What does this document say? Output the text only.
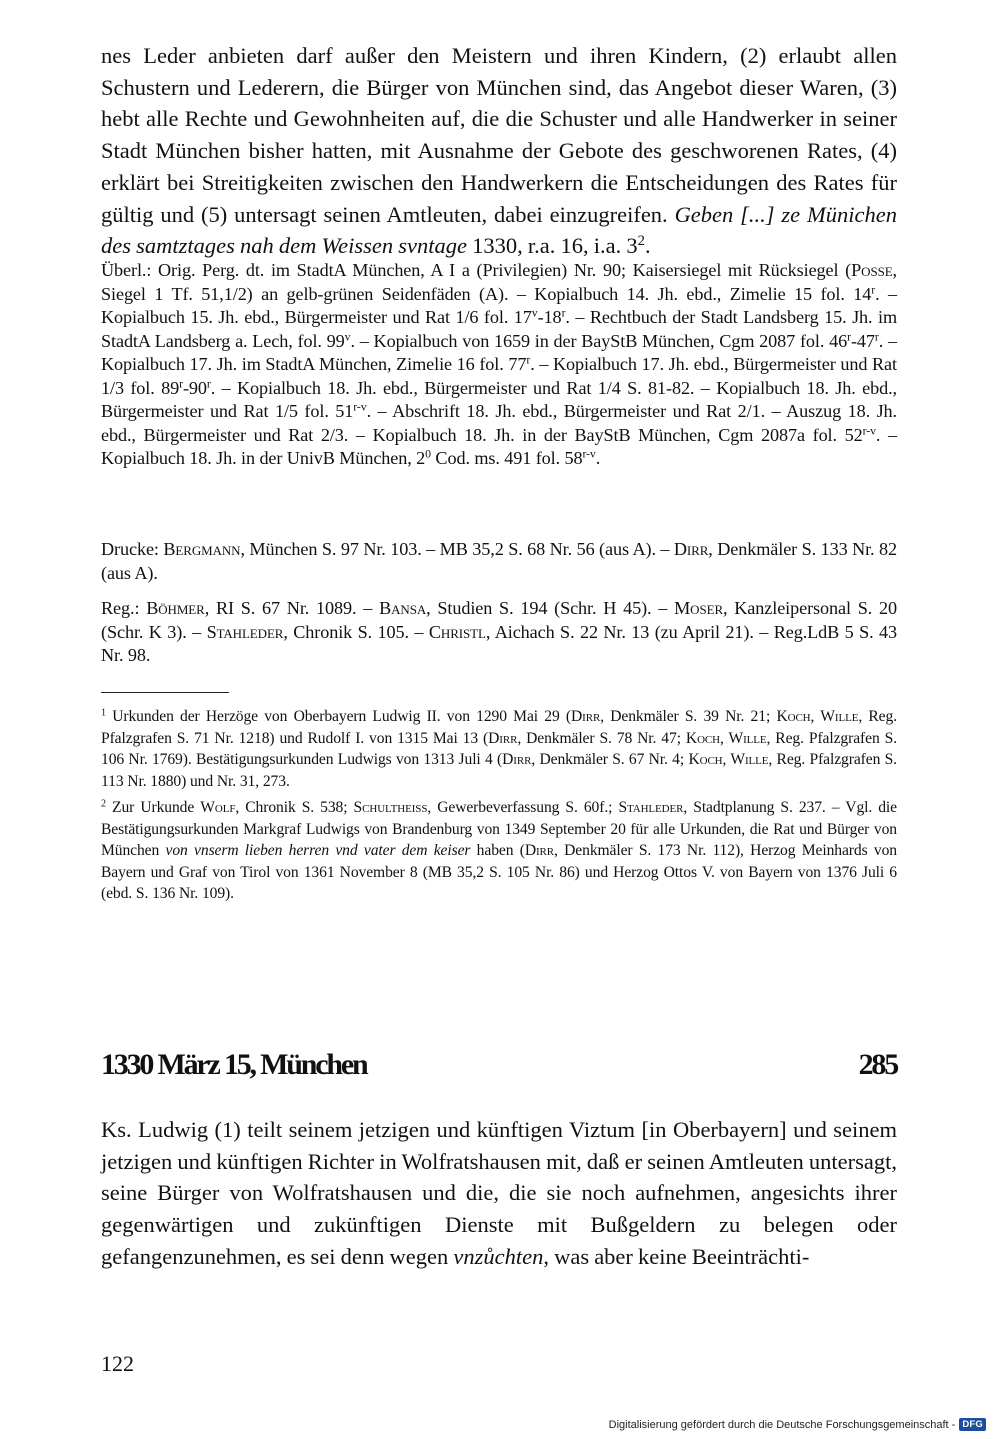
nes Leder anbieten darf außer den Meistern und ihren Kindern, (2) erlaubt allen Schustern und Lederern, die Bürger von München sind, das Angebot dieser Waren, (3) hebt alle Rechte und Gewohnheiten auf, die die Schuster und alle Handwerker in seiner Stadt München bisher hatten, mit Ausnahme der Gebote des geschworenen Rates, (4) erklärt bei Streitigkeiten zwischen den Handwerkern die Entscheidungen des Rates für gültig und (5) untersagt seinen Amtleuten, dabei einzugreifen. Geben [...] ze Münichen des samtztages nah dem Weissen svntage 1330, r.a. 16, i.a. $3^2$.

Überl.: Orig. Perg. dt. im StadtA München, A I a (Privilegien) Nr. 90; Kaisersiegel mit Rücksiegel (Posse, Siegel 1 Tf. 51,1/2) an gelb-grünen Seidenfäden (A). – Kopialbuch 14. Jh. ebd., Zimelie 15 fol. 14$^r$. – Kopialbuch 15. Jh. ebd., Bürgermeister und Rat 1/6 fol. 17$^v$-18$^r$. – Rechtbuch der Stadt Landsberg 15. Jh. im StadtA Landsberg a. Lech, fol. 99$^v$. – Kopialbuch von 1659 in der BayStB München, Cgm 2087 fol. 46$^r$-47$^r$. – Kopialbuch 17. Jh. im StadtA München, Zimelie 16 fol. 77$^r$. – Kopialbuch 17. Jh. ebd., Bürgermeister und Rat 1/3 fol. 89$^r$-90$^r$. – Kopialbuch 18. Jh. ebd., Bürgermeister und Rat 1/4 S. 81-82. – Kopialbuch 18. Jh. ebd., Bürgermeister und Rat 1/5 fol. 51$^{r-v}$. – Abschrift 18. Jh. ebd., Bürgermeister und Rat 2/1. – Auszug 18. Jh. ebd., Bürgermeister und Rat 2/3. – Kopialbuch 18. Jh. in der BayStB München, Cgm 2087a fol. 52$^{r-v}$. – Kopialbuch 18. Jh. in der UnivB München, $2^0$ Cod. ms. 491 fol. 58$^{r-v}$.

Drucke: Bergmann, München S. 97 Nr. 103. – MB 35,2 S. 68 Nr. 56 (aus A). – Dirr, Denkmäler S. 133 Nr. 82 (aus A).

Reg.: Böhmer, RI S. 67 Nr. 1089. – Bansa, Studien S. 194 (Schr. H 45). – Moser, Kanzleipersonal S. 20 (Schr. K 3). – Stahleder, Chronik S. 105. – Christl, Aichach S. 22 Nr. 13 (zu April 21). – Reg.LdB 5 S. 43 Nr. 98.

$^1$ Urkunden der Herzöge von Oberbayern Ludwig II. von 1290 Mai 29 (Dirr, Denkmäler S. 39 Nr. 21; Koch, Wille, Reg. Pfalzgrafen S. 71 Nr. 1218) und Rudolf I. von 1315 Mai 13 (Dirr, Denkmäler S. 78 Nr. 47; Koch, Wille, Reg. Pfalzgrafen S. 106 Nr. 1769). Bestätigungsurkunden Ludwigs von 1313 Juli 4 (Dirr, Denkmäler S. 67 Nr. 4; Koch, Wille, Reg. Pfalzgrafen S. 113 Nr. 1880) und Nr. 31, 273.

$^2$ Zur Urkunde Wolf, Chronik S. 538; Schultheiss, Gewerbeverfassung S. 60f.; Stahleder, Stadtplanung S. 237. – Vgl. die Bestätigungsurkunden Markgraf Ludwigs von Brandenburg von 1349 September 20 für alle Urkunden, die Rat und Bürger von München von vnserm lieben herren vnd vater dem keiser haben (Dirr, Denkmäler S. 173 Nr. 112), Herzog Meinhards von Bayern und Graf von Tirol von 1361 November 8 (MB 35,2 S. 105 Nr. 86) und Herzog Ottos V. von Bayern von 1376 Juli 6 (ebd. S. 136 Nr. 109).

1330 März 15, München	285

Ks. Ludwig (1) teilt seinem jetzigen und künftigen Viztum [in Oberbayern] und seinem jetzigen und künftigen Richter in Wolfratshausen mit, daß er seinen Amtleuten untersagt, seine Bürger von Wolfratshausen und die, die sie noch aufnehmen, angesichts ihrer gegenwärtigen und zukünftigen Dienste mit Bußgeldern zu belegen oder gefangenzunehmen, es sei denn wegen vnzůchten, was aber keine Beeinträchti-

122
Digitalisierung gefördert durch die Deutsche Forschungsgemeinschaft - DFG
